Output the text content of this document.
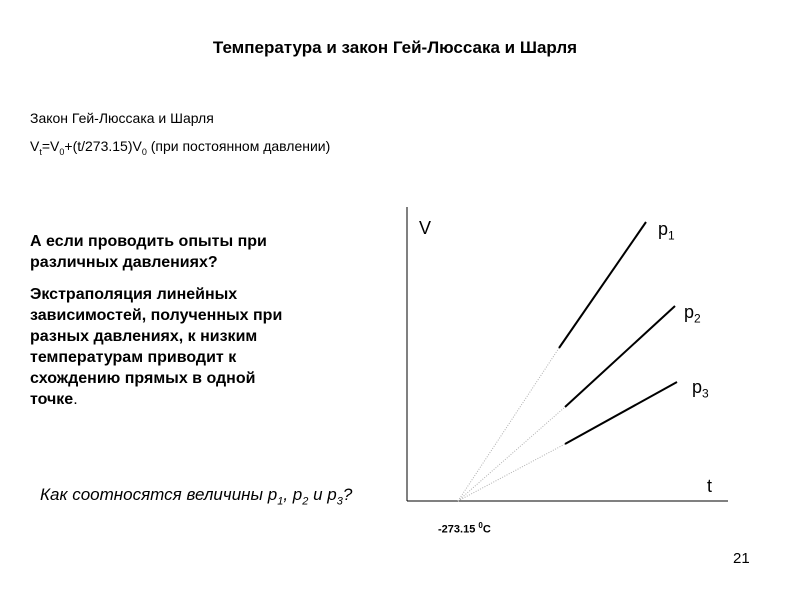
Температура и закон Гей-Люссака и Шарля
Закон Гей-Люссака и Шарля
$V_t=V_0+(t/273.15)V_0$ (при постоянном давлении)
А если проводить опыты при различных давлениях?
Экстраполяция линейных зависимостей, полученных при разных давлениях, к низким температурам приводит к схождению прямых в одной точке.
Как соотносятся величины $p_1$, $p_2$ и $p_3$?
V
t
$p_1$
$p_2$
$p_3$
-273.15 $^0$C
21
